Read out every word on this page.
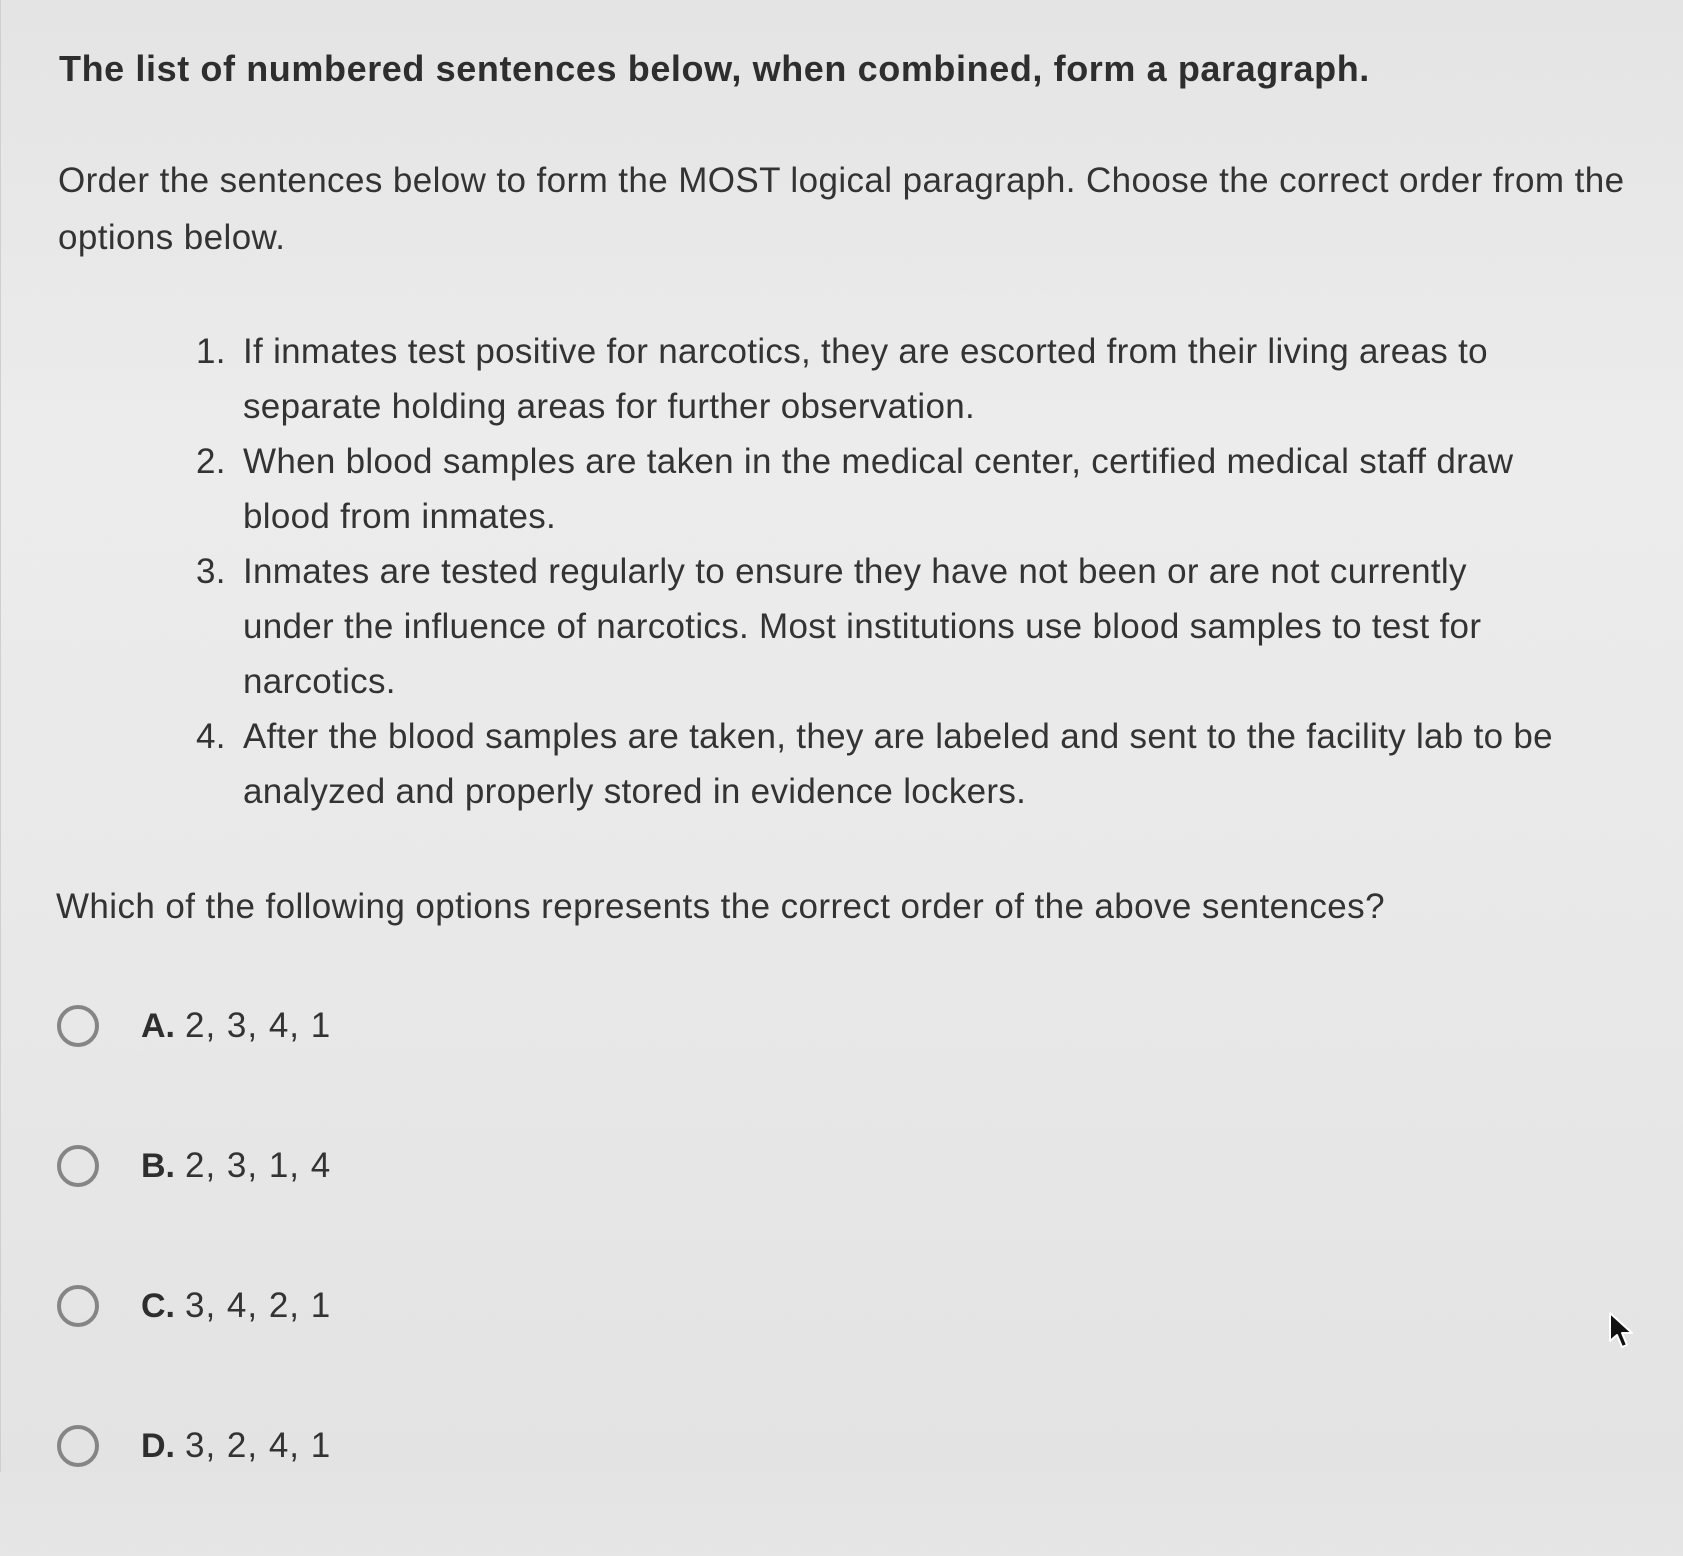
The list of numbered sentences below, when combined, form a paragraph.

Order the sentences below to form the MOST logical paragraph. Choose the correct order from the options below.

1. If inmates test positive for narcotics, they are escorted from their living areas to separate holding areas for further observation.
2. When blood samples are taken in the medical center, certified medical staff draw blood from inmates.
3. Inmates are tested regularly to ensure they have not been or are not currently under the influence of narcotics. Most institutions use blood samples to test for narcotics.
4. After the blood samples are taken, they are labeled and sent to the facility lab to be analyzed and properly stored in evidence lockers.

Which of the following options represents the correct order of the above sentences?

A. 2, 3, 4, 1
B. 2, 3, 1, 4
C. 3, 4, 2, 1
D. 3, 2, 4, 1
